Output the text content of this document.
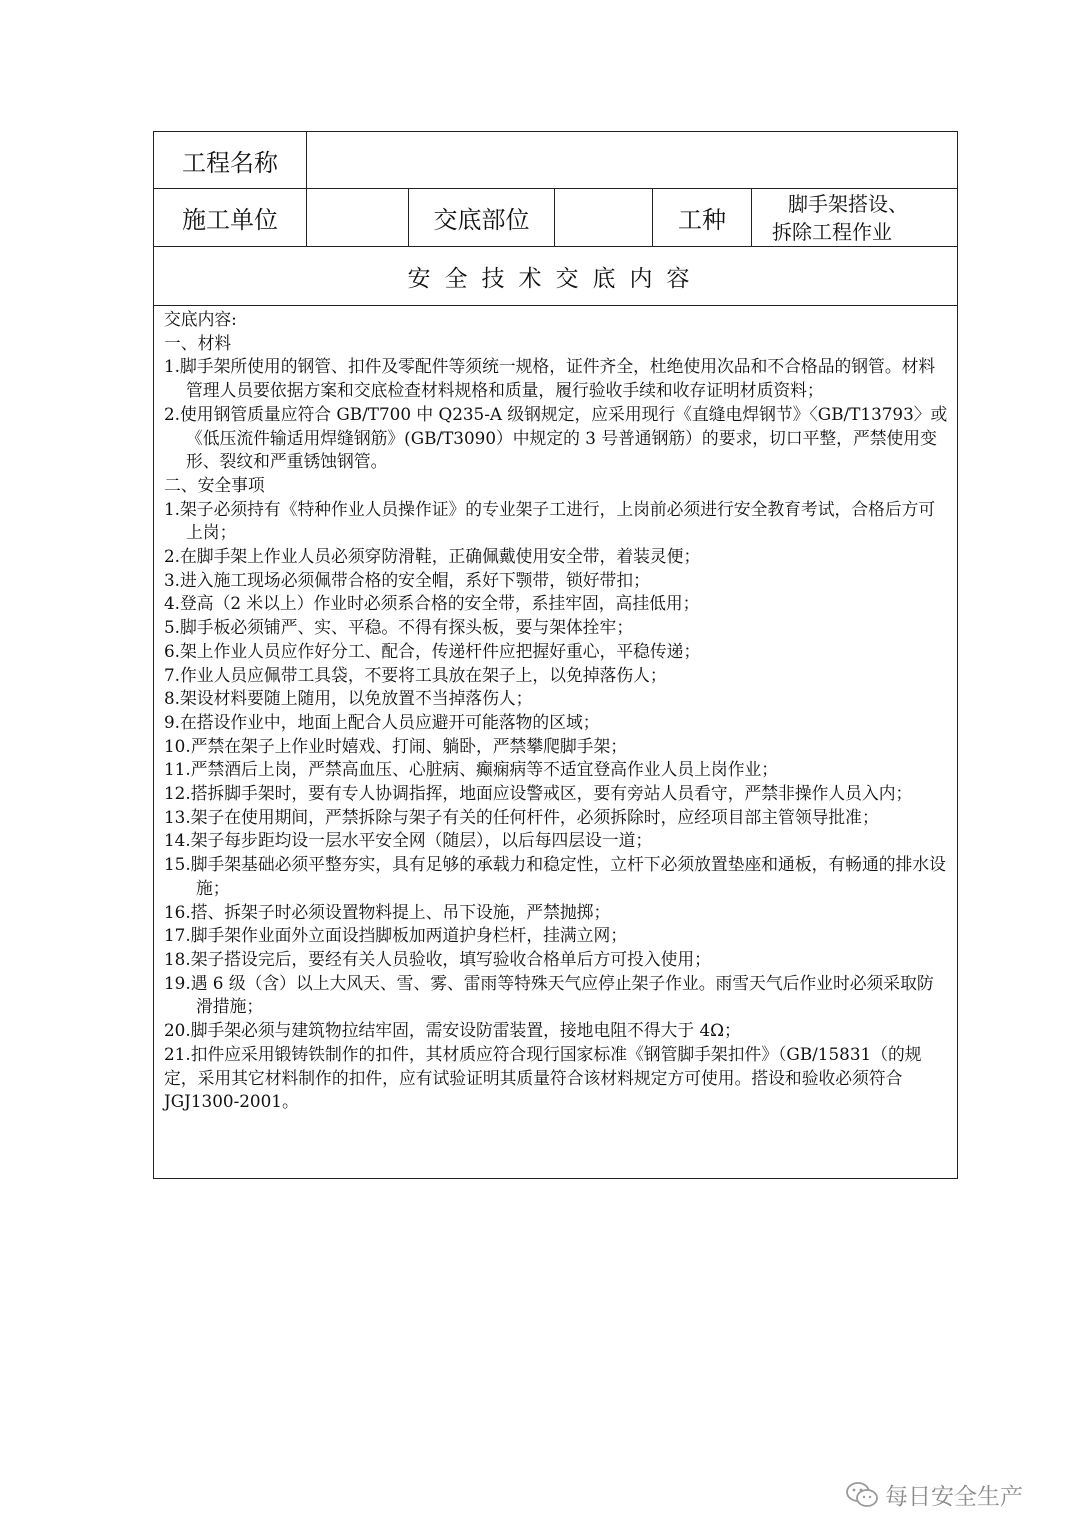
工程名称
施工单位	交底部位	工种
脚手架搭设、
拆除工程作业
安全技术交底内容

交底内容:

一、材料

1.脚手架所使用的钢管、扣件及零配件等须统一规格，证件齐全，杜绝使用次品和不合格品的钢管。材料管理人员要依据方案和交底检查材料规格和质量，履行验收手续和收存证明材质资料；

2.使用钢管质量应符合 GB/T700 中 Q235-A 级钢规定，应采用现行《直缝电焊钢节》〈GB/T13793〉或《低压流件输适用焊缝钢筋》(GB/T3090）中规定的 3 号普通钢筋）的要求，切口平整，严禁使用变形、裂纹和严重锈蚀钢管。

二、安全事项

1.架子必须持有《特种作业人员操作证》的专业架子工进行，上岗前必须进行安全教育考试，合格后方可上岗；

2.在脚手架上作业人员必须穿防滑鞋，正确佩戴使用安全带，着装灵便；

3.进入施工现场必须佩带合格的安全帽，系好下颚带，锁好带扣；

4.登高（2 米以上）作业时必须系合格的安全带，系挂牢固，高挂低用；

5.脚手板必须铺严、实、平稳。不得有探头板，要与架体拴牢；

6.架上作业人员应作好分工、配合，传递杆件应把握好重心，平稳传递；

7.作业人员应佩带工具袋，不要将工具放在架子上，以免掉落伤人；

8.架设材料要随上随用，以免放置不当掉落伤人；

9.在搭设作业中，地面上配合人员应避开可能落物的区域；

10.严禁在架子上作业时嬉戏、打闹、躺卧，严禁攀爬脚手架；

11.严禁酒后上岗，严禁高血压、心脏病、癫痫病等不适宜登高作业人员上岗作业；

12.搭拆脚手架时，要有专人协调指挥，地面应设警戒区，要有旁站人员看守，严禁非操作人员入内；

13.架子在使用期间，严禁拆除与架子有关的任何杆件，必须拆除时，应经项目部主管领导批准；

14.架子每步距均设一层水平安全网（随层），以后每四层设一道；

15.脚手架基础必须平整夯实，具有足够的承载力和稳定性，立杆下必须放置垫座和通板，有畅通的排水设施；

16.搭、拆架子时必须设置物料提上、吊下设施，严禁抛掷；

17.脚手架作业面外立面设挡脚板加两道护身栏杆，挂满立网；

18.架子搭设完后，要经有关人员验收，填写验收合格单后方可投入使用；

19.遇 6 级（含）以上大风天、雪、雾、雷雨等特殊天气应停止架子作业。雨雪天气后作业时必须采取防滑措施；

20.脚手架必须与建筑物拉结牢固，需安设防雷装置，接地电阻不得大于 4Ω；

21.扣件应采用锻铸铁制作的扣件，其材质应符合现行国家标准《钢管脚手架扣件》（GB/15831（的规定，采用其它材料制作的扣件，应有试验证明其质量符合该材料规定方可使用。搭设和验收必须符合 JGJ1300-2001。

每日安全生产
